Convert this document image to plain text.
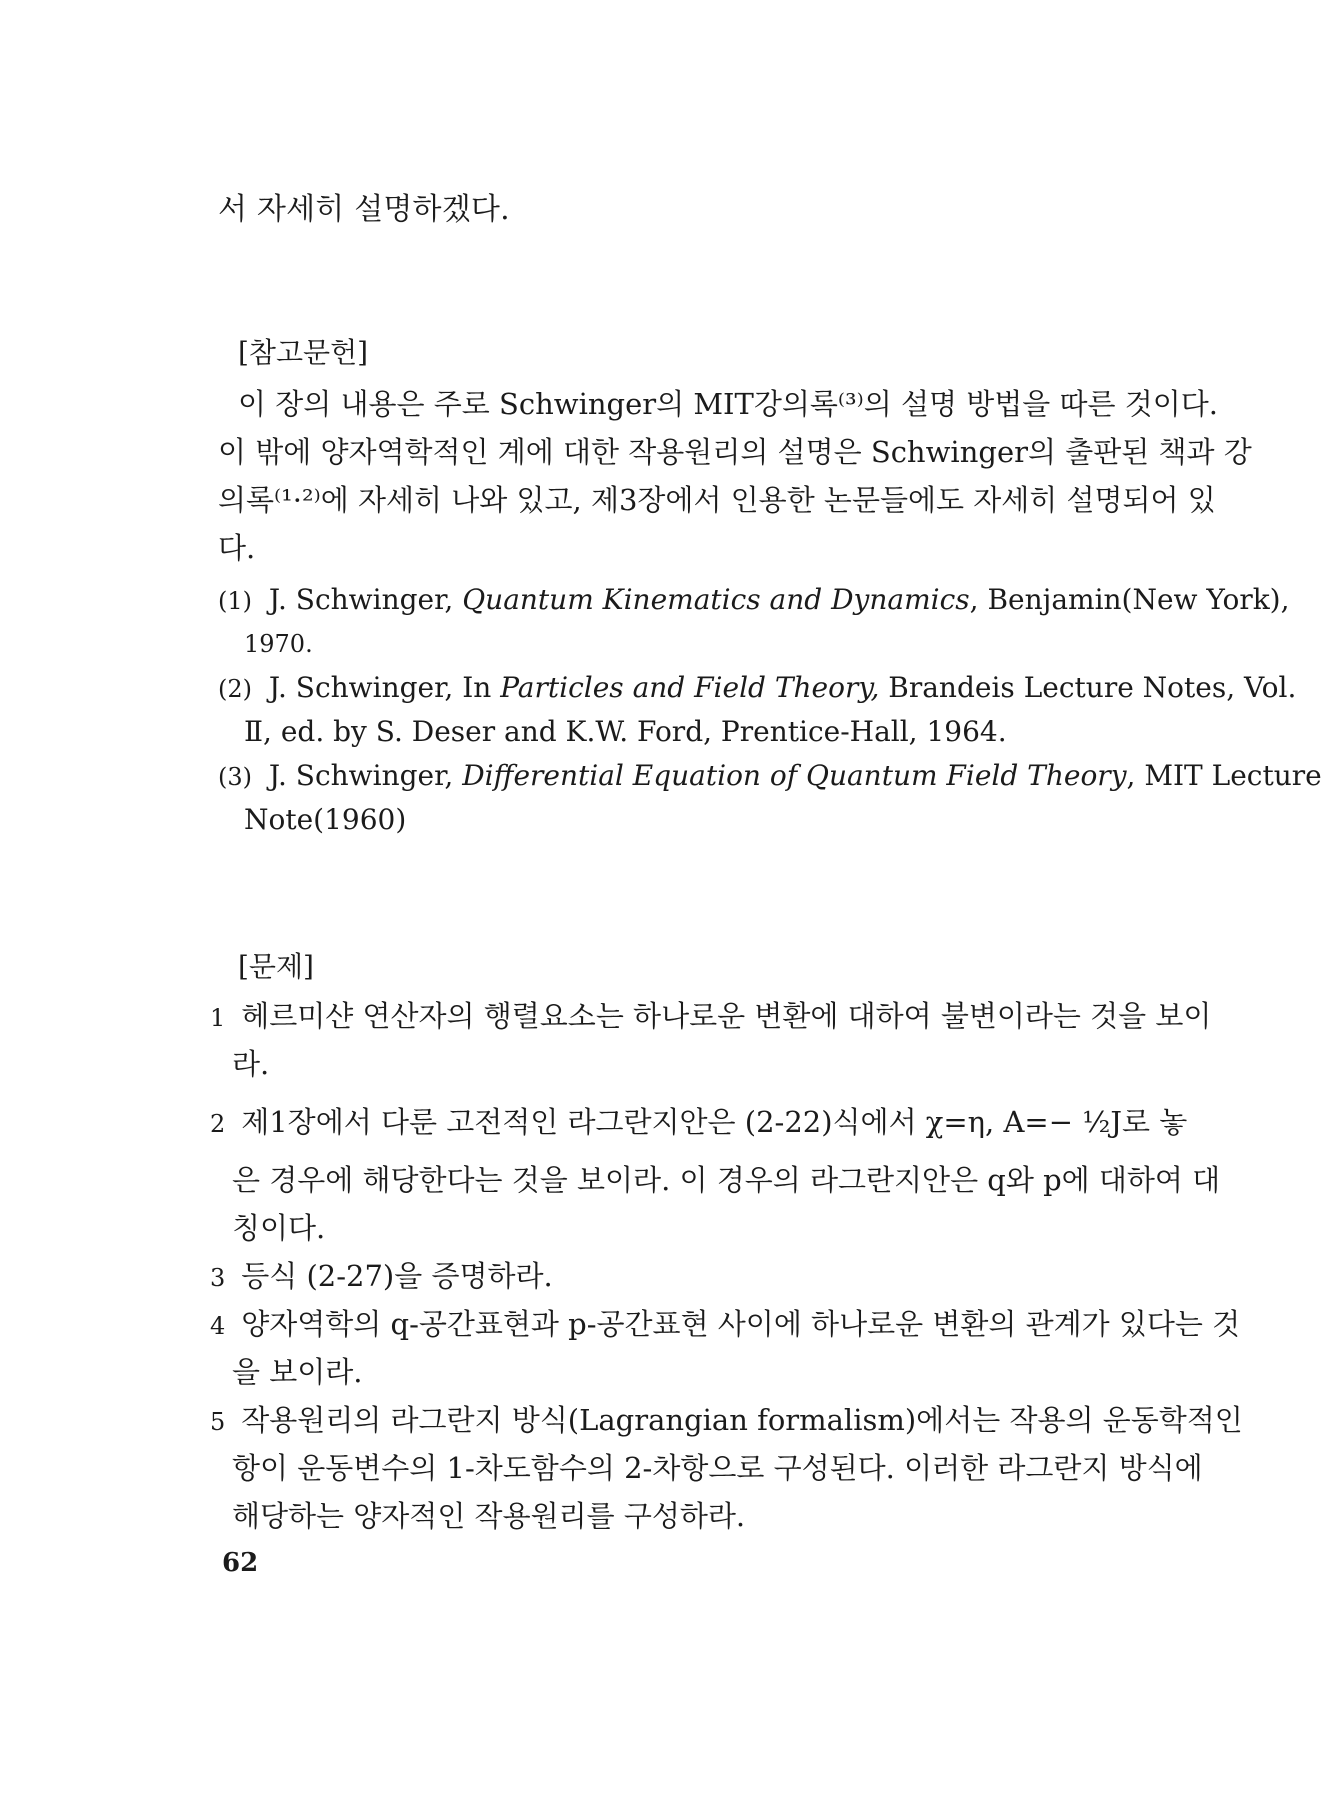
서 자세히 설명하겠다.
[참고문헌]
이 장의 내용은 주로 Schwinger의 MIT강의록⁽³⁾의 설명 방법을 따른 것이다.
이 밖에 양자역학적인 계에 대한 작용원리의 설명은 Schwinger의 출판된 책과 강
의록⁽¹·²⁾에 자세히 나와 있고, 제3장에서 인용한 논문들에도 자세히 설명되어 있
다.
(1) J. Schwinger, Quantum Kinematics and Dynamics, Benjamin(New York),
1970.
(2) J. Schwinger, In Particles and Field Theory, Brandeis Lecture Notes, Vol.
Ⅱ, ed. by S. Deser and K.W. Ford, Prentice-Hall, 1964.
(3) J. Schwinger, Differential Equation of Quantum Field Theory, MIT Lecture
Note(1960)
[문제]
1 헤르미샨 연산자의 행렬요소는 하나로운 변환에 대하여 불변이라는 것을 보이
라.
2 제1장에서 다룬 고전적인 라그란지안은 (2-22)식에서 χ=η, A=− ½J로 놓
은 경우에 해당한다는 것을 보이라. 이 경우의 라그란지안은 q와 p에 대하여 대
칭이다.
3 등식 (2-27)을 증명하라.
4 양자역학의 q-공간표현과 p-공간표현 사이에 하나로운 변환의 관계가 있다는 것
을 보이라.
5 작용원리의 라그란지 방식(Lagrangian formalism)에서는 작용의 운동학적인
항이 운동변수의 1-차도함수의 2-차항으로 구성된다. 이러한 라그란지 방식에
해당하는 양자적인 작용원리를 구성하라.
62
